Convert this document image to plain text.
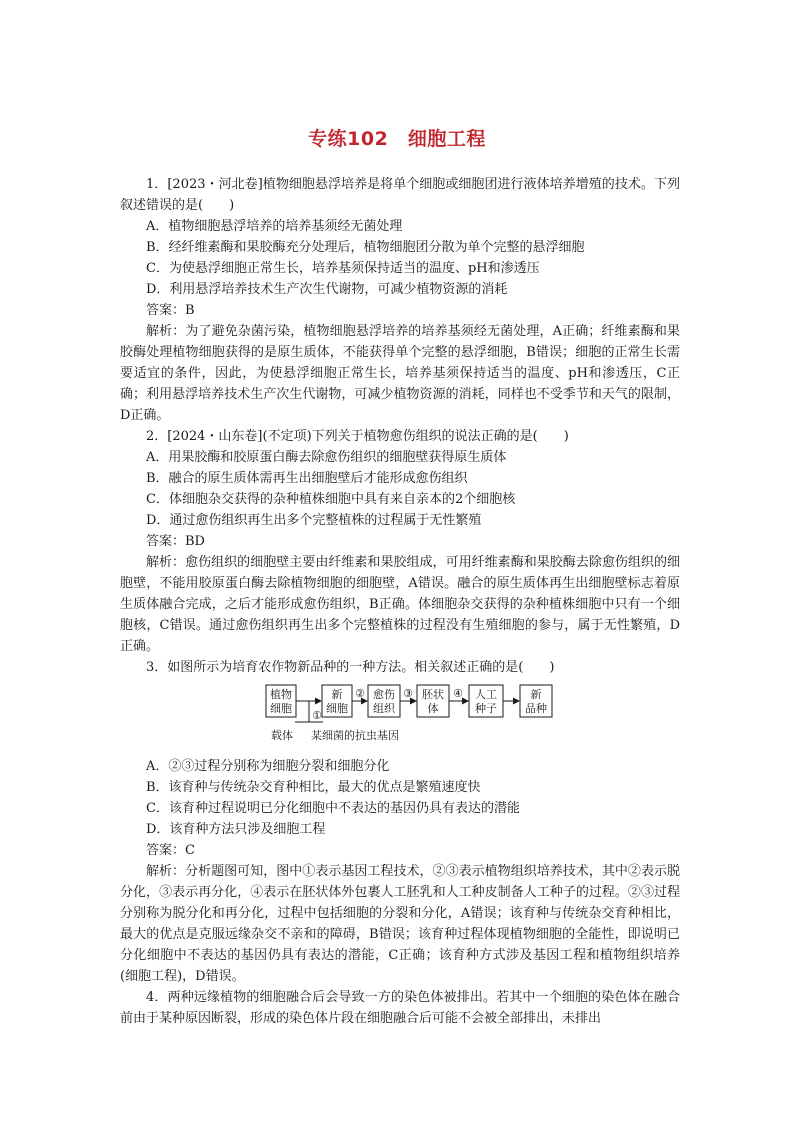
专练102　细胞工程

1．[2023・河北卷]植物细胞悬浮培养是将单个细胞或细胞团进行液体培养增殖的技术。下列叙述错误的是(　　)

A．植物细胞悬浮培养的培养基须经无菌处理

B．经纤维素酶和果胶酶充分处理后，植物细胞团分散为单个完整的悬浮细胞

C．为使悬浮细胞正常生长，培养基须保持适当的温度、pH和渗透压

D．利用悬浮培养技术生产次生代谢物，可减少植物资源的消耗

答案：B

解析：为了避免杂菌污染，植物细胞悬浮培养的培养基须经无菌处理，A正确；纤维素酶和果胶酶处理植物细胞获得的是原生质体，不能获得单个完整的悬浮细胞，B错误；细胞的正常生长需要适宜的条件，因此，为使悬浮细胞正常生长，培养基须保持适当的温度、pH和渗透压，C正确；利用悬浮培养技术生产次生代谢物，可减少植物资源的消耗，同样也不受季节和天气的限制，D正确。

2．[2024・山东卷](不定项)下列关于植物愈伤组织的说法正确的是(　　)

A．用果胶酶和胶原蛋白酶去除愈伤组织的细胞壁获得原生质体

B．融合的原生质体需再生出细胞壁后才能形成愈伤组织

C．体细胞杂交获得的杂种植株细胞中具有来自亲本的2个细胞核

D．通过愈伤组织再生出多个完整植株的过程属于无性繁殖

答案：BD

解析：愈伤组织的细胞壁主要由纤维素和果胶组成，可用纤维素酶和果胶酶去除愈伤组织的细胞壁，不能用胶原蛋白酶去除植物细胞的细胞壁，A错误。融合的原生质体再生出细胞壁标志着原生质体融合完成，之后才能形成愈伤组织，B正确。体细胞杂交获得的杂种植株细胞中只有一个细胞核，C错误。通过愈伤组织再生出多个完整植株的过程没有生殖细胞的参与，属于无性繁殖，D正确。

3．如图所示为培育农作物新品种的一种方法。相关叙述正确的是(　　)

植物
细胞
新
细胞
愈伤
组织
胚状
体
人工
种子
新
品种
①
②	③	④
载体 某细菌的抗虫基因

A．②③过程分别称为细胞分裂和细胞分化

B．该育种与传统杂交育种相比，最大的优点是繁殖速度快

C．该育种过程说明已分化细胞中不表达的基因仍具有表达的潜能

D．该育种方法只涉及细胞工程

答案：C

解析：分析题图可知，图中①表示基因工程技术，②③表示植物组织培养技术，其中②表示脱分化，③表示再分化，④表示在胚状体外包裹人工胚乳和人工种皮制备人工种子的过程。②③过程分别称为脱分化和再分化，过程中包括细胞的分裂和分化，A错误；该育种与传统杂交育种相比，最大的优点是克服远缘杂交不亲和的障碍，B错误；该育种过程体现植物细胞的全能性，即说明已分化细胞中不表达的基因仍具有表达的潜能，C正确；该育种方式涉及基因工程和植物组织培养(细胞工程)，D错误。

4．两种远缘植物的细胞融合后会导致一方的染色体被排出。若其中一个细胞的染色体在融合前由于某种原因断裂，形成的染色体片段在细胞融合后可能不会被全部排出，未排出
